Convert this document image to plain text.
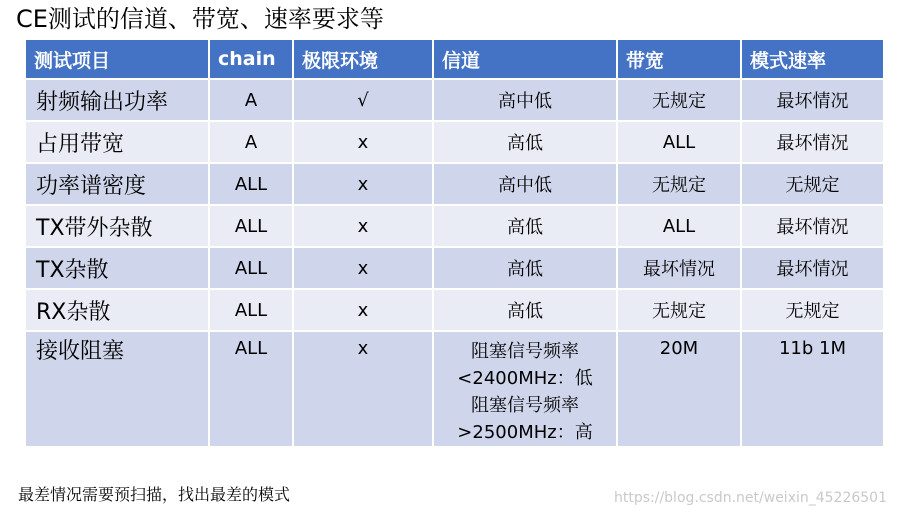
CE测试的信道、带宽、速率要求等
测试项目	chain	极限环境	信道	带宽	模式速率
射频输出功率	A	√	高中低	无规定	最坏情况
占用带宽	A	x	高低	ALL	最坏情况
功率谱密度	ALL	x	高中低	无规定	无规定
TX带外杂散	ALL	x	高低	ALL	最坏情况
TX杂散	ALL	x	高低	最坏情况	最坏情况
RX杂散	ALL	x	高低	无规定	无规定
接收阻塞	ALL	x	阻塞信号频率
<2400MHz：低
阻塞信号频率
>2500MHz：高	20M	11b 1M
最差情况需要预扫描，找出最差的模式	https://blog.csdn.net/weixin_45226501
